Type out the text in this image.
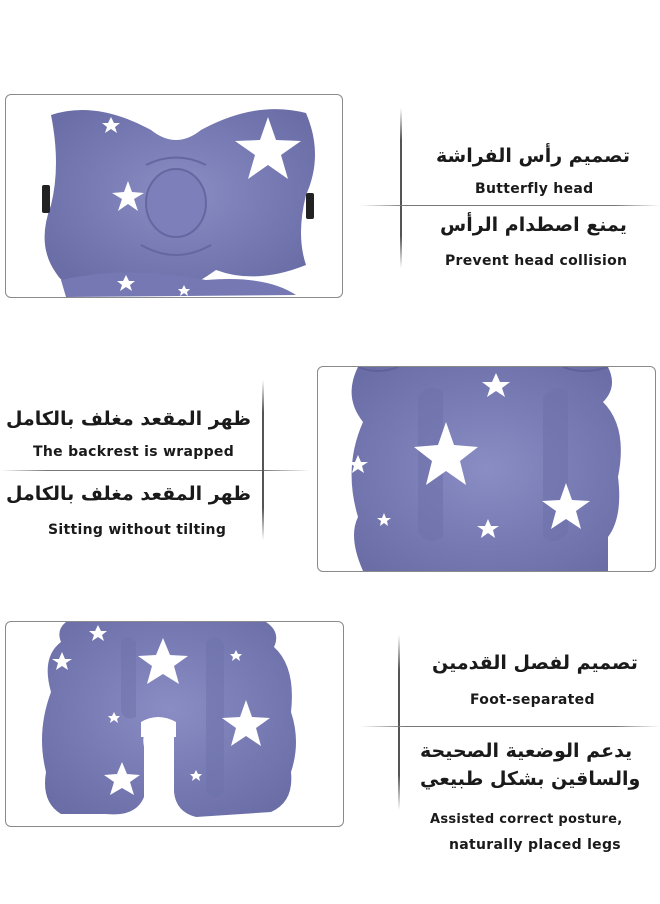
تصميم رأس الفراشة
Butterfly head
يمنع اصطدام الرأس
Prevent head collision
ظهر المقعد مغلف بالكامل
The backrest is wrapped
ظهر المقعد مغلف بالكامل
Sitting without tilting
تصميم لفصل القدمين
Foot-separated
يدعم الوضعية الصحيحة
والساقين بشكل طبيعي
Assisted correct posture,
naturally placed legs
